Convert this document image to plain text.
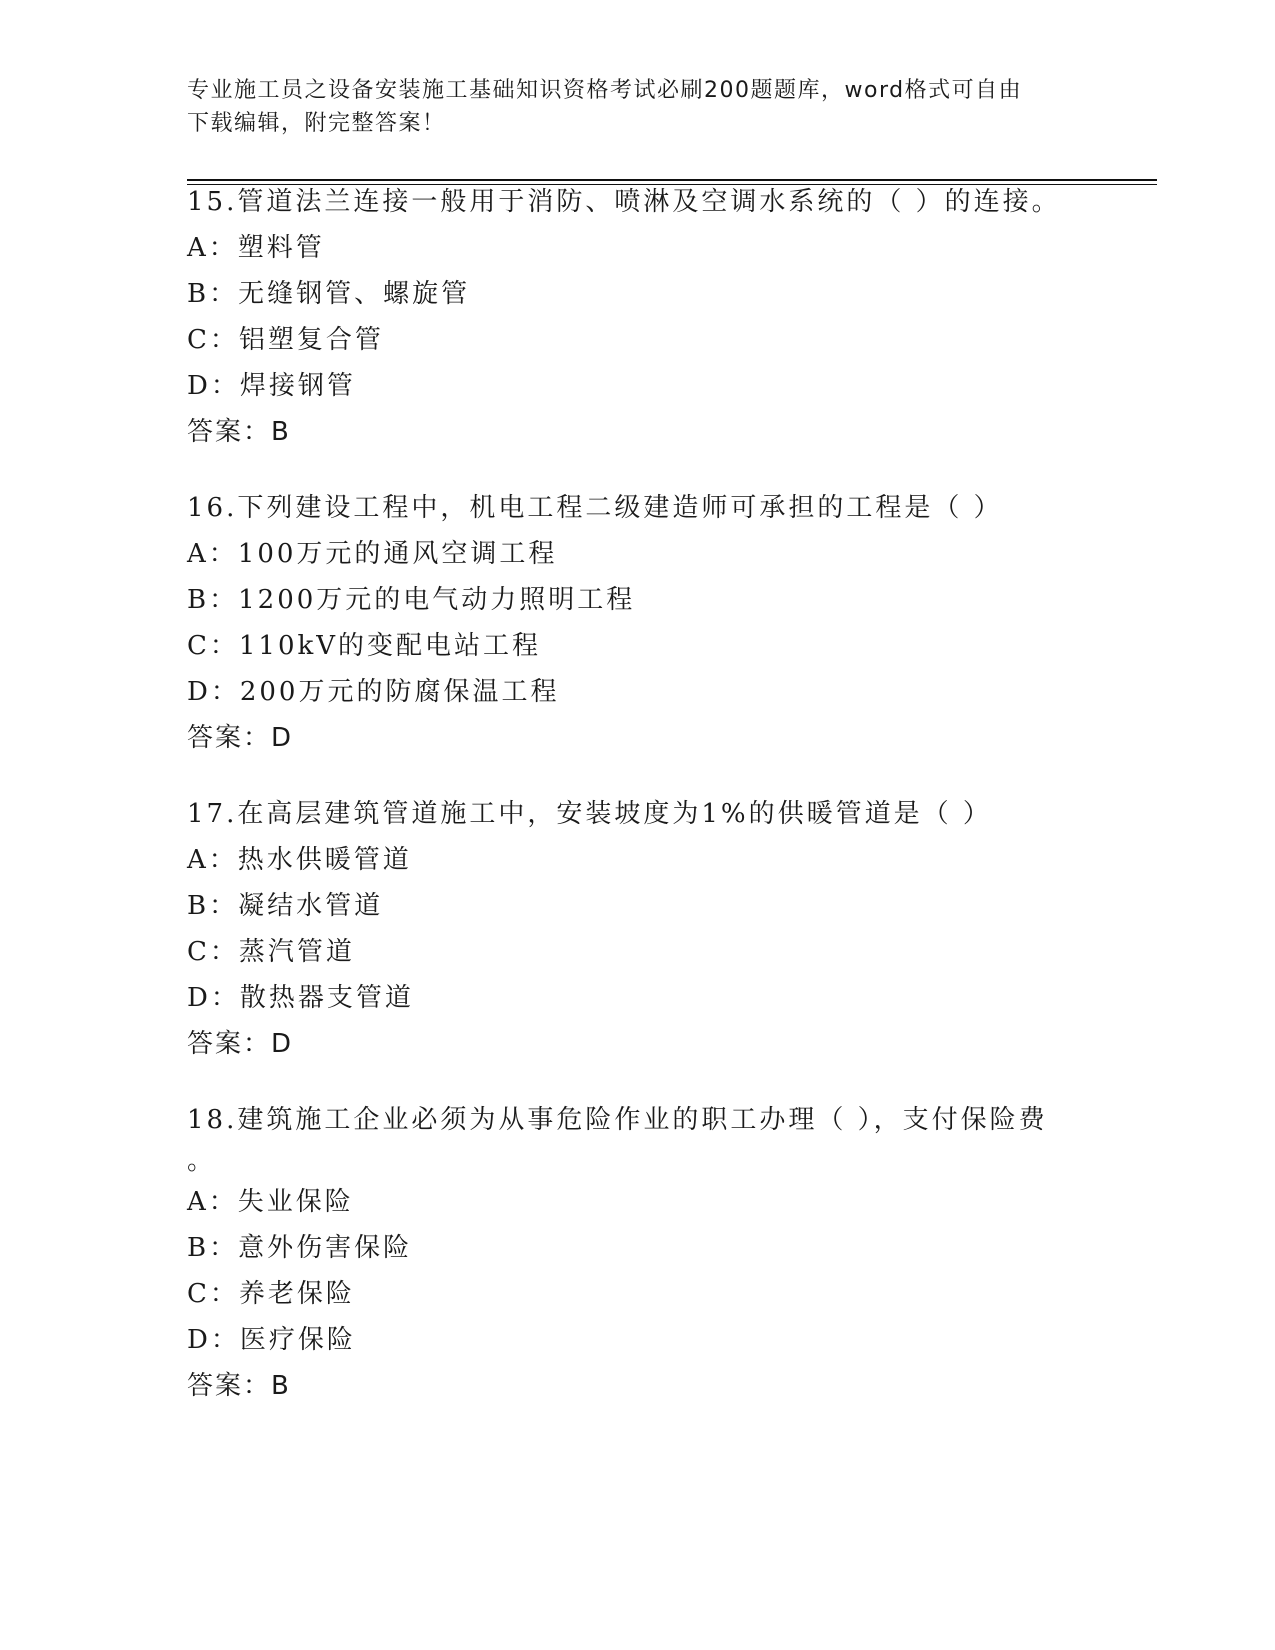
专业施工员之设备安装施工基础知识资格考试必刷200题题库，word格式可自由
下载编辑，附完整答案！
15.管道法兰连接一般用于消防、喷淋及空调水系统的（ ）的连接。
A：塑料管
B：无缝钢管、螺旋管
C：铝塑复合管
D：焊接钢管
答案：B
16.下列建设工程中，机电工程二级建造师可承担的工程是（ ）
A：100万元的通风空调工程
B：1200万元的电气动力照明工程
C：110kV的变配电站工程
D：200万元的防腐保温工程
答案：D
17.在高层建筑管道施工中，安装坡度为1%的供暖管道是（ ）
A：热水供暖管道
B：凝结水管道
C：蒸汽管道
D：散热器支管道
答案：D
18.建筑施工企业必须为从事危险作业的职工办理（ ），支付保险费
。
A：失业保险
B：意外伤害保险
C：养老保险
D：医疗保险
答案：B
